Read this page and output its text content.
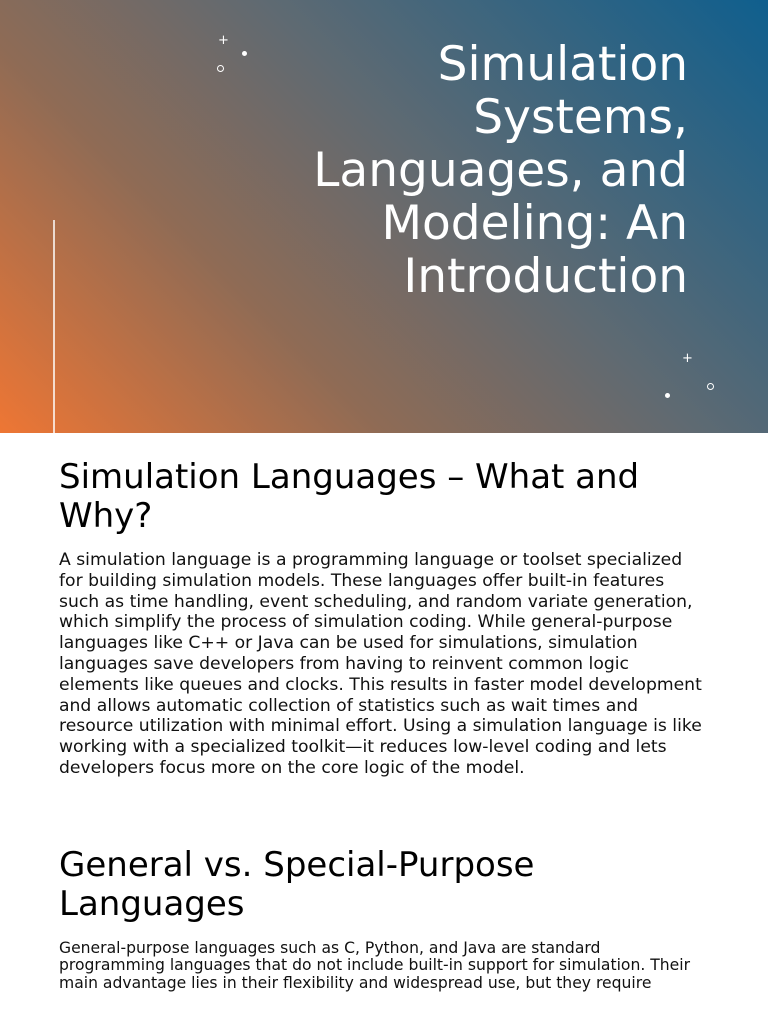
Simulation Systems, Languages, and Modeling: An Introduction
+
+
Simulation Languages – What and Why?

A simulation language is a programming language or toolset specialized for building simulation models. These languages offer built-in features such as time handling, event scheduling, and random variate generation, which simplify the process of simulation coding. While general-purpose languages like C++ or Java can be used for simulations, simulation languages save developers from having to reinvent common logic elements like queues and clocks. This results in faster model development and allows automatic collection of statistics such as wait times and resource utilization with minimal effort. Using a simulation language is like working with a specialized toolkit—it reduces low-level coding and lets developers focus more on the core logic of the model.

General vs. Special-Purpose Languages

General-purpose languages such as C, Python, and Java are standard programming languages that do not include built-in support for simulation. Their main advantage lies in their flexibility and widespread use, but they require
